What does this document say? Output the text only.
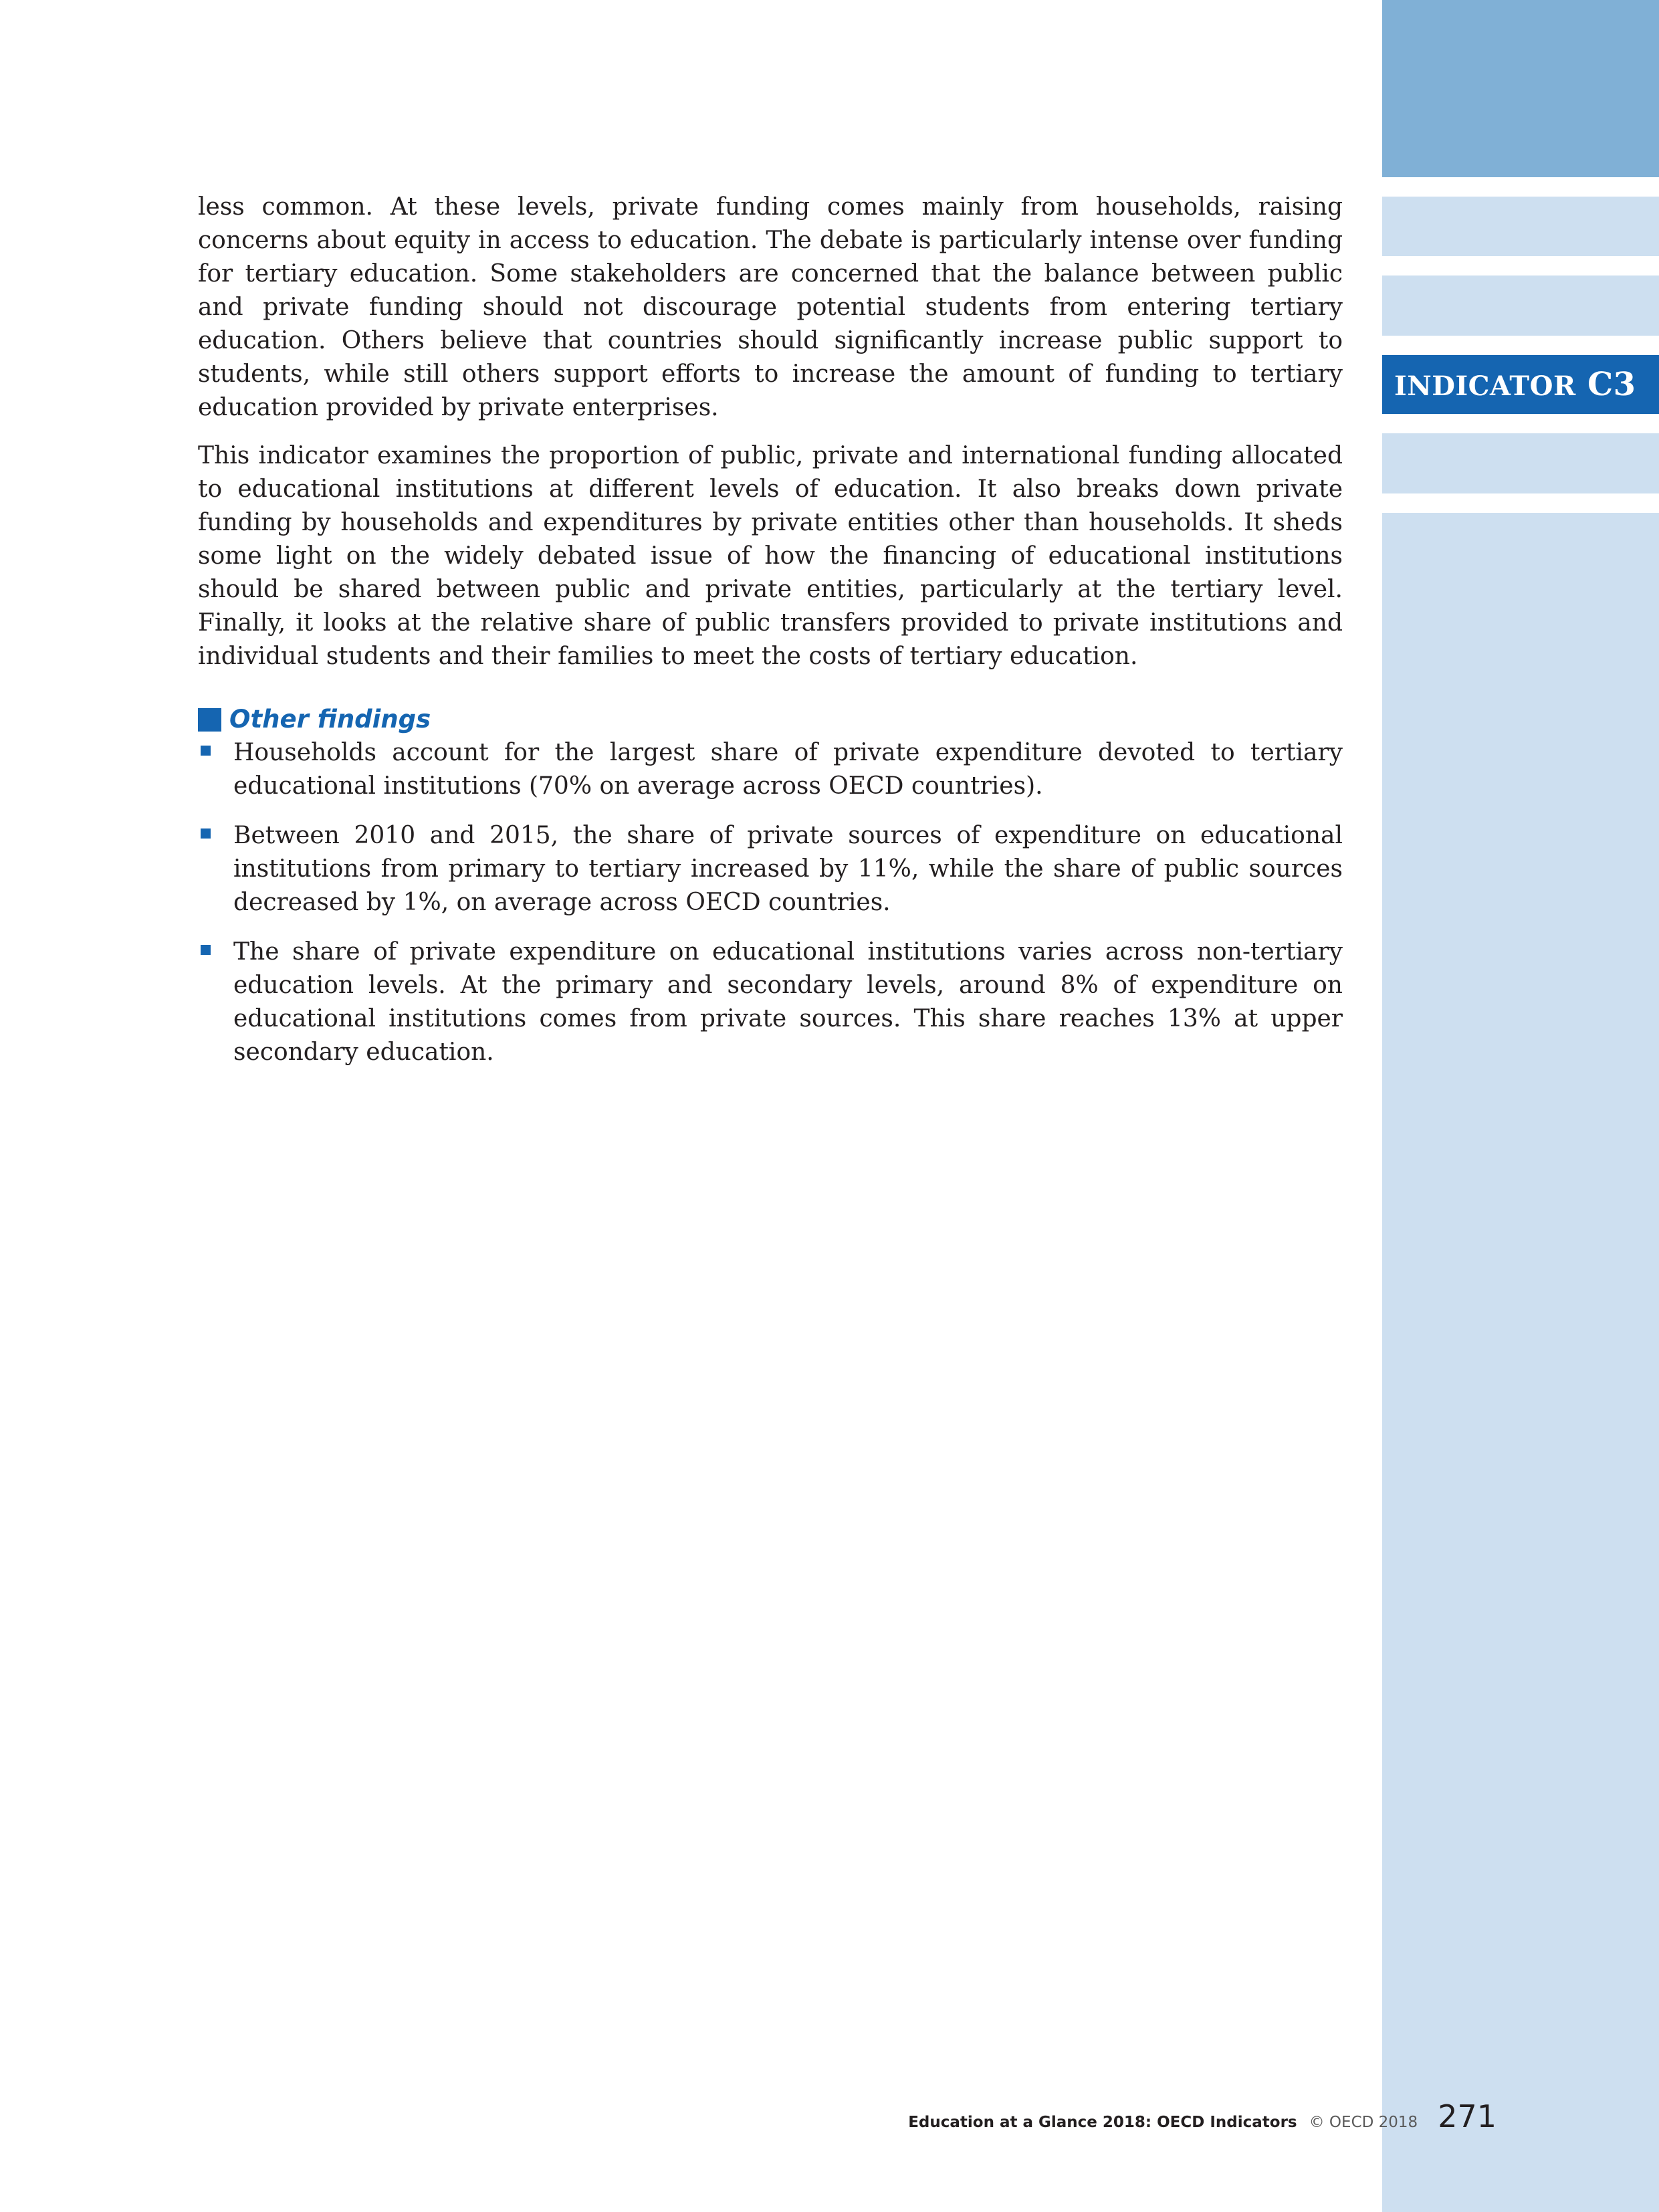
INDICATOR C3

less common. At these levels, private funding comes mainly from households, raising concerns about equity in access to education. The debate is particularly intense over funding for tertiary education. Some stakeholders are concerned that the balance between public and private funding should not discourage potential students from entering tertiary education. Others believe that countries should significantly increase public support to students, while still others support efforts to increase the amount of funding to tertiary education provided by private enterprises.

This indicator examines the proportion of public, private and international funding allocated to educational institutions at different levels of education. It also breaks down private funding by households and expenditures by private entities other than households. It sheds some light on the widely debated issue of how the financing of educational institutions should be shared between public and private entities, particularly at the tertiary level. Finally, it looks at the relative share of public transfers provided to private institutions and individual students and their families to meet the costs of tertiary education.

Other findings
Households account for the largest share of private expenditure devoted to tertiary educational institutions (70% on average across OECD countries).
Between 2010 and 2015, the share of private sources of expenditure on educational institutions from primary to tertiary increased by 11%, while the share of public sources decreased by 1%, on average across OECD countries.
The share of private expenditure on educational institutions varies across non-tertiary education levels. At the primary and secondary levels, around 8% of expenditure on educational institutions comes from private sources. This share reaches 13% at upper secondary education.
Education at a Glance 2018: OECD Indicators © OECD 2018 271
